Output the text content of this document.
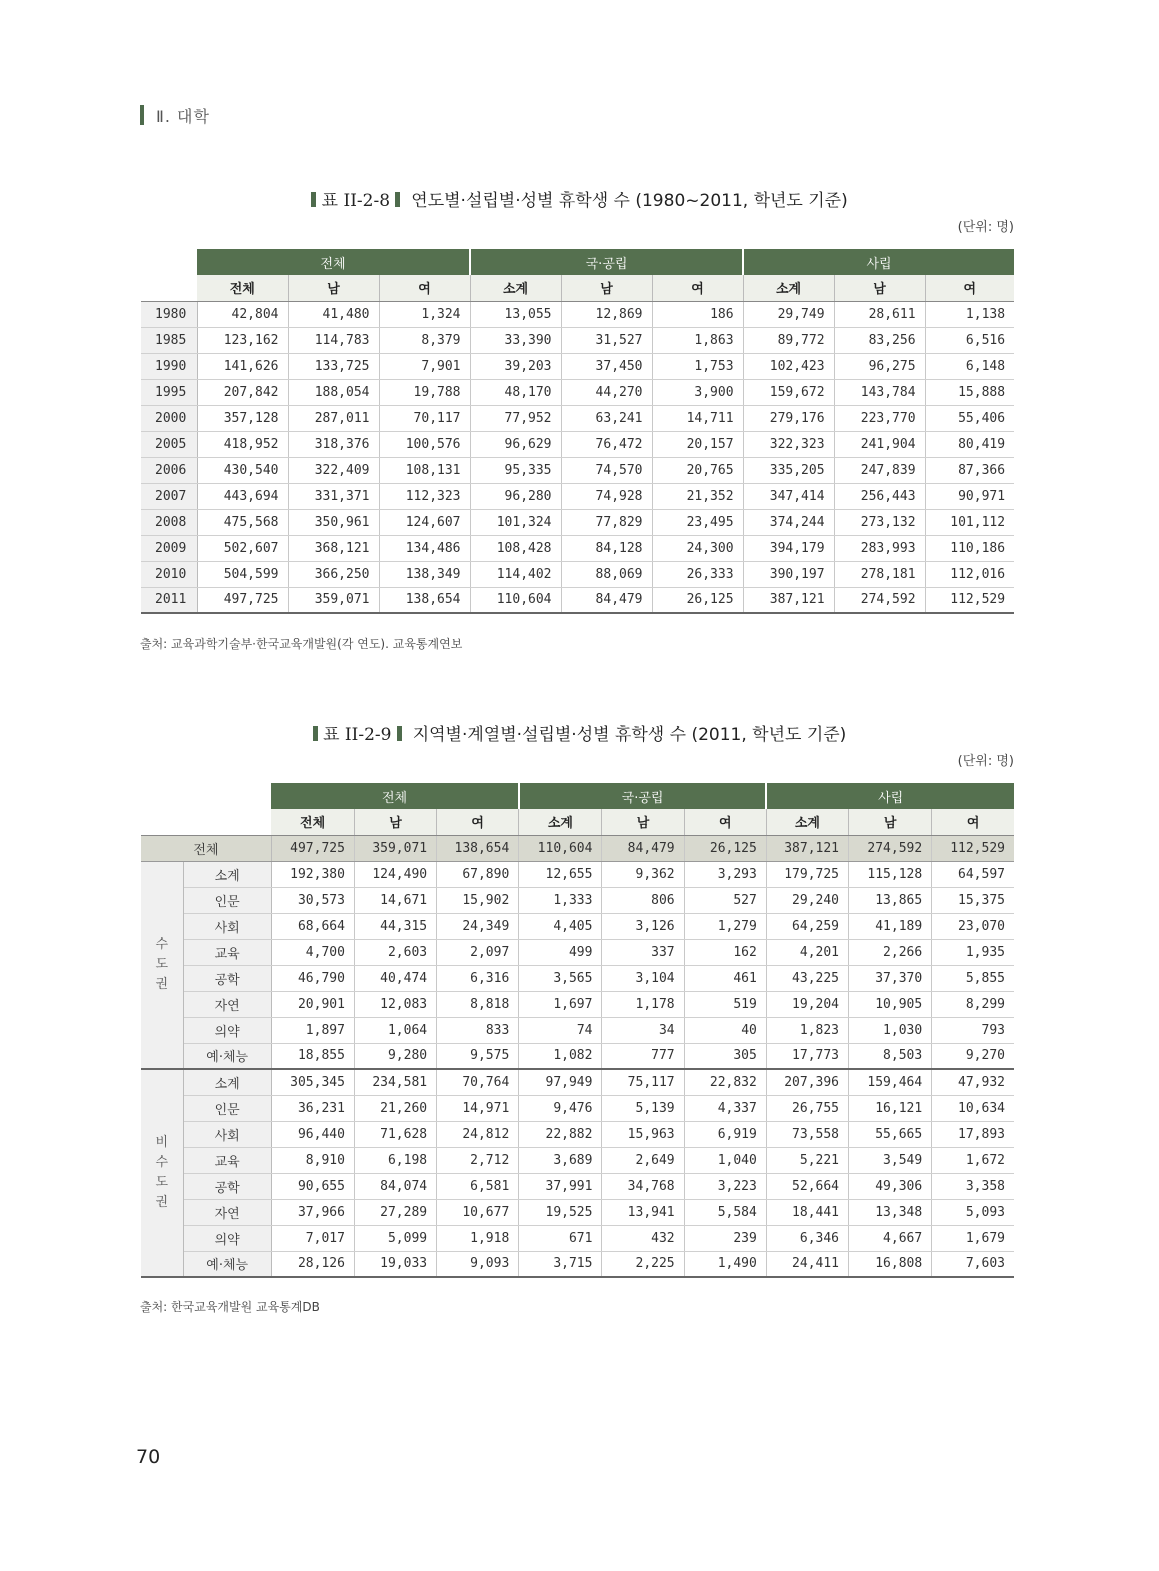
Ⅱ. 대학
표 II-2-8 연도별·설립별·성별 휴학생 수 (1980~2011, 학년도 기준)
(단위: 명)
	전체			국·공립			사립		
	전체	남	여	소계	남	여	소계	남	여
1980	42,804	41,480	1,324	13,055	12,869	186	29,749	28,611	1,138
1985	123,162	114,783	8,379	33,390	31,527	1,863	89,772	83,256	6,516
1990	141,626	133,725	7,901	39,203	37,450	1,753	102,423	96,275	6,148
1995	207,842	188,054	19,788	48,170	44,270	3,900	159,672	143,784	15,888
2000	357,128	287,011	70,117	77,952	63,241	14,711	279,176	223,770	55,406
2005	418,952	318,376	100,576	96,629	76,472	20,157	322,323	241,904	80,419
2006	430,540	322,409	108,131	95,335	74,570	20,765	335,205	247,839	87,366
2007	443,694	331,371	112,323	96,280	74,928	21,352	347,414	256,443	90,971
2008	475,568	350,961	124,607	101,324	77,829	23,495	374,244	273,132	101,112
2009	502,607	368,121	134,486	108,428	84,128	24,300	394,179	283,993	110,186
2010	504,599	366,250	138,349	114,402	88,069	26,333	390,197	278,181	112,016
2011	497,725	359,071	138,654	110,604	84,479	26,125	387,121	274,592	112,529
출처: 교육과학기술부·한국교육개발원(각 연도). 교육통계연보
표 II-2-9 지역별·계열별·설립별·성별 휴학생 수 (2011, 학년도 기준)
(단위: 명)
		전체			국·공립			사립		
		전체	남	여	소계	남	여	소계	남	여
전체		497,725	359,071	138,654	110,604	84,479	26,125	387,121	274,592	112,529
수
도
권	소계	192,380	124,490	67,890	12,655	9,362	3,293	179,725	115,128	64,597
	인문	30,573	14,671	15,902	1,333	806	527	29,240	13,865	15,375
	사회	68,664	44,315	24,349	4,405	3,126	1,279	64,259	41,189	23,070
	교육	4,700	2,603	2,097	499	337	162	4,201	2,266	1,935
	공학	46,790	40,474	6,316	3,565	3,104	461	43,225	37,370	5,855
	자연	20,901	12,083	8,818	1,697	1,178	519	19,204	10,905	8,299
	의약	1,897	1,064	833	74	34	40	1,823	1,030	793
	예·체능	18,855	9,280	9,575	1,082	777	305	17,773	8,503	9,270
비
수
도
권	소계	305,345	234,581	70,764	97,949	75,117	22,832	207,396	159,464	47,932
	인문	36,231	21,260	14,971	9,476	5,139	4,337	26,755	16,121	10,634
	사회	96,440	71,628	24,812	22,882	15,963	6,919	73,558	55,665	17,893
	교육	8,910	6,198	2,712	3,689	2,649	1,040	5,221	3,549	1,672
	공학	90,655	84,074	6,581	37,991	34,768	3,223	52,664	49,306	3,358
	자연	37,966	27,289	10,677	19,525	13,941	5,584	18,441	13,348	5,093
	의약	7,017	5,099	1,918	671	432	239	6,346	4,667	1,679
	예·체능	28,126	19,033	9,093	3,715	2,225	1,490	24,411	16,808	7,603
출처: 한국교육개발원 교육통계DB
70
